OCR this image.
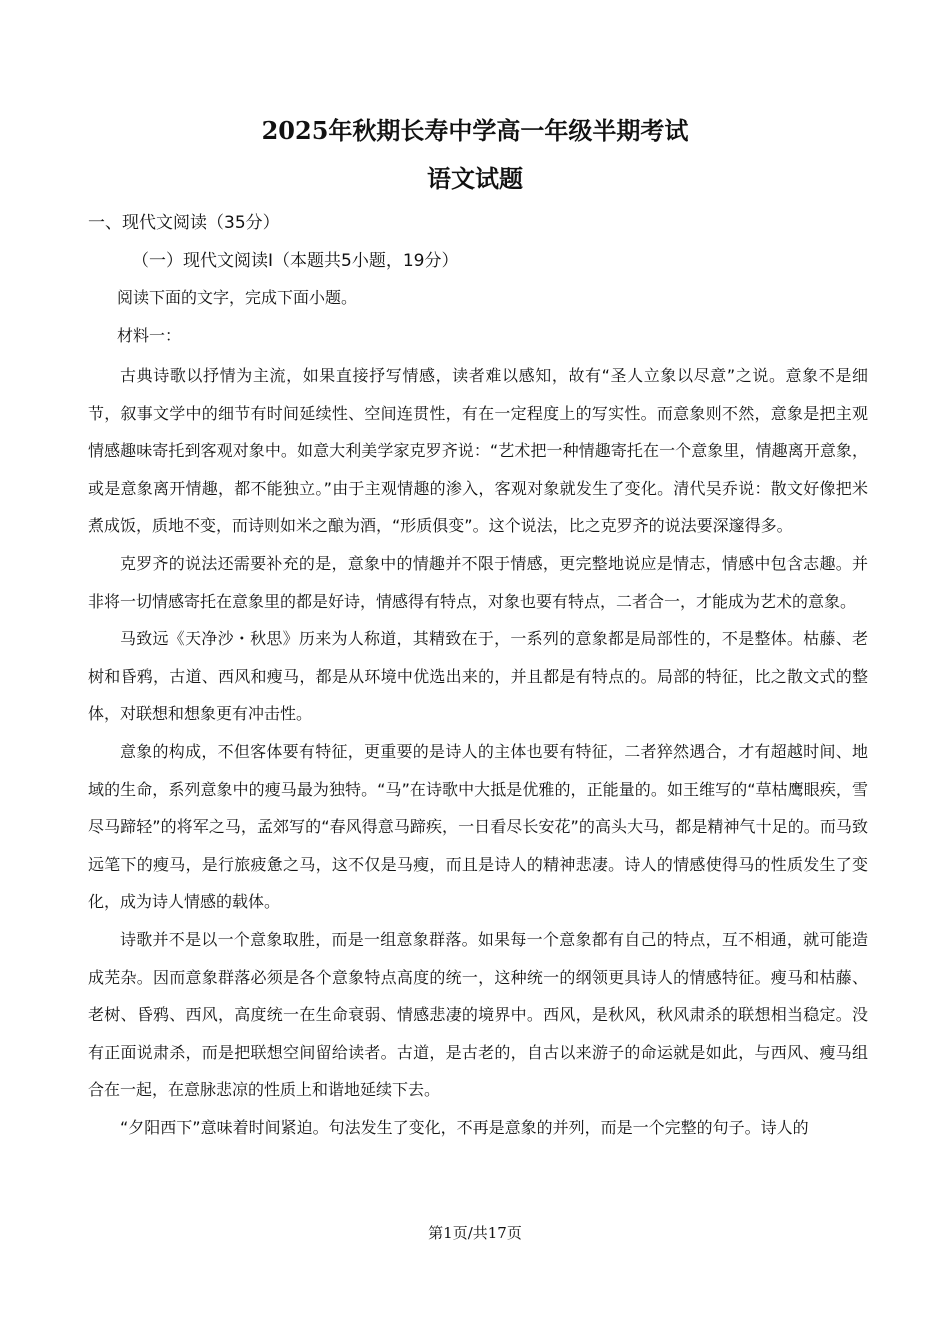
2025年秋期长寿中学高一年级半期考试
语文试题
一、现代文阅读（35分）
（一）现代文阅读I（本题共5小题，19分）
阅读下面的文字，完成下面小题。
材料一：

古典诗歌以抒情为主流，如果直接抒写情感，读者难以感知，故有“圣人立象以尽意”之说。意象不是细节，叙事文学中的细节有时间延续性、空间连贯性，有在一定程度上的写实性。而意象则不然，意象是把主观情感趣味寄托到客观对象中。如意大利美学家克罗齐说：“艺术把一种情趣寄托在一个意象里，情趣离开意象，或是意象离开情趣，都不能独立。”由于主观情趣的渗入，客观对象就发生了变化。清代吴乔说：散文好像把米煮成饭，质地不变，而诗则如米之酿为酒，“形质俱变”。这个说法，比之克罗齐的说法要深邃得多。

克罗齐的说法还需要补充的是，意象中的情趣并不限于情感，更完整地说应是情志，情感中包含志趣。并非将一切情感寄托在意象里的都是好诗，情感得有特点，对象也要有特点，二者合一，才能成为艺术的意象。

马致远《天净沙・秋思》历来为人称道，其精致在于，一系列的意象都是局部性的，不是整体。枯藤、老树和昏鸦，古道、西风和瘦马，都是从环境中优选出来的，并且都是有特点的。局部的特征，比之散文式的整体，对联想和想象更有冲击性。

意象的构成，不但客体要有特征，更重要的是诗人的主体也要有特征，二者猝然遇合，才有超越时间、地域的生命，系列意象中的瘦马最为独特。“马”在诗歌中大抵是优雅的，正能量的。如王维写的“草枯鹰眼疾，雪尽马蹄轻”的将军之马，孟郊写的“春风得意马蹄疾，一日看尽长安花”的高头大马，都是精神气十足的。而马致远笔下的瘦马，是行旅疲惫之马，这不仅是马瘦，而且是诗人的精神悲凄。诗人的情感使得马的性质发生了变化，成为诗人情感的载体。

诗歌并不是以一个意象取胜，而是一组意象群落。如果每一个意象都有自己的特点，互不相通，就可能造成芜杂。因而意象群落必须是各个意象特点高度的统一，这种统一的纲领更具诗人的情感特征。瘦马和枯藤、老树、昏鸦、西风，高度统一在生命衰弱、情感悲凄的境界中。西风，是秋风，秋风肃杀的联想相当稳定。没有正面说肃杀，而是把联想空间留给读者。古道，是古老的，自古以来游子的命运就是如此，与西风、瘦马组合在一起，在意脉悲凉的性质上和谐地延续下去。

“夕阳西下”意味着时间紧迫。句法发生了变化，不再是意象的并列，而是一个完整的句子。诗人的

第1页/共17页
